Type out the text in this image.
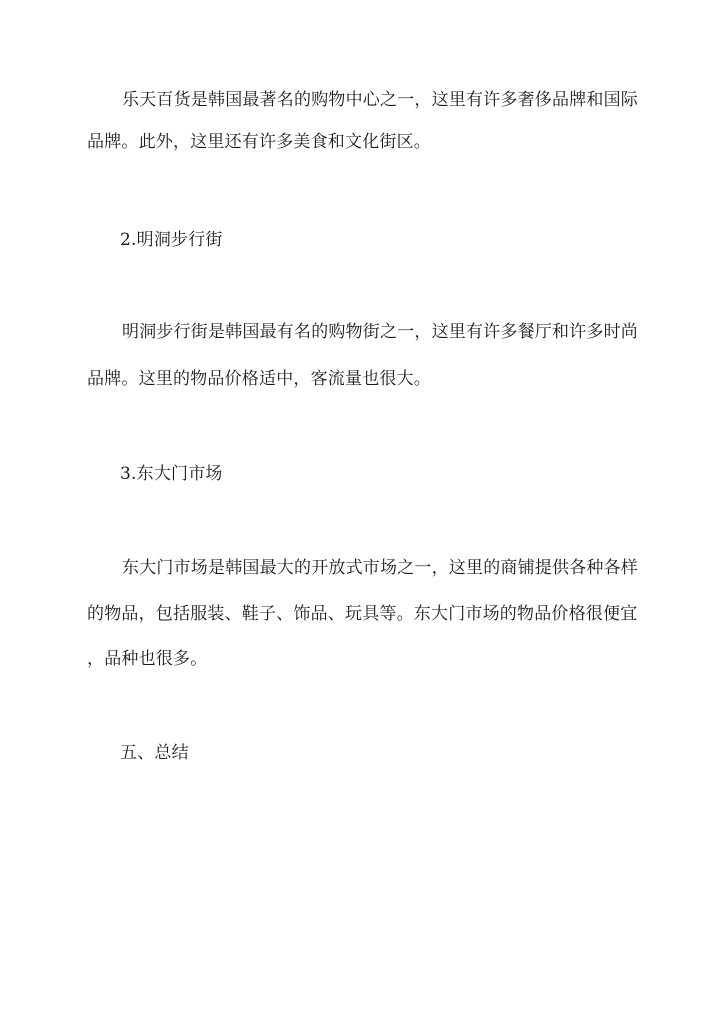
乐天百货是韩国最著名的购物中心之一，这里有许多奢侈品牌和国际
品牌。此外，这里还有许多美食和文化街区。
2.明洞步行街
明洞步行街是韩国最有名的购物街之一，这里有许多餐厅和许多时尚
品牌。这里的物品价格适中，客流量也很大。
3.东大门市场
东大门市场是韩国最大的开放式市场之一，这里的商铺提供各种各样
的物品，包括服装、鞋子、饰品、玩具等。东大门市场的物品价格很便宜
，品种也很多。
五、总结
